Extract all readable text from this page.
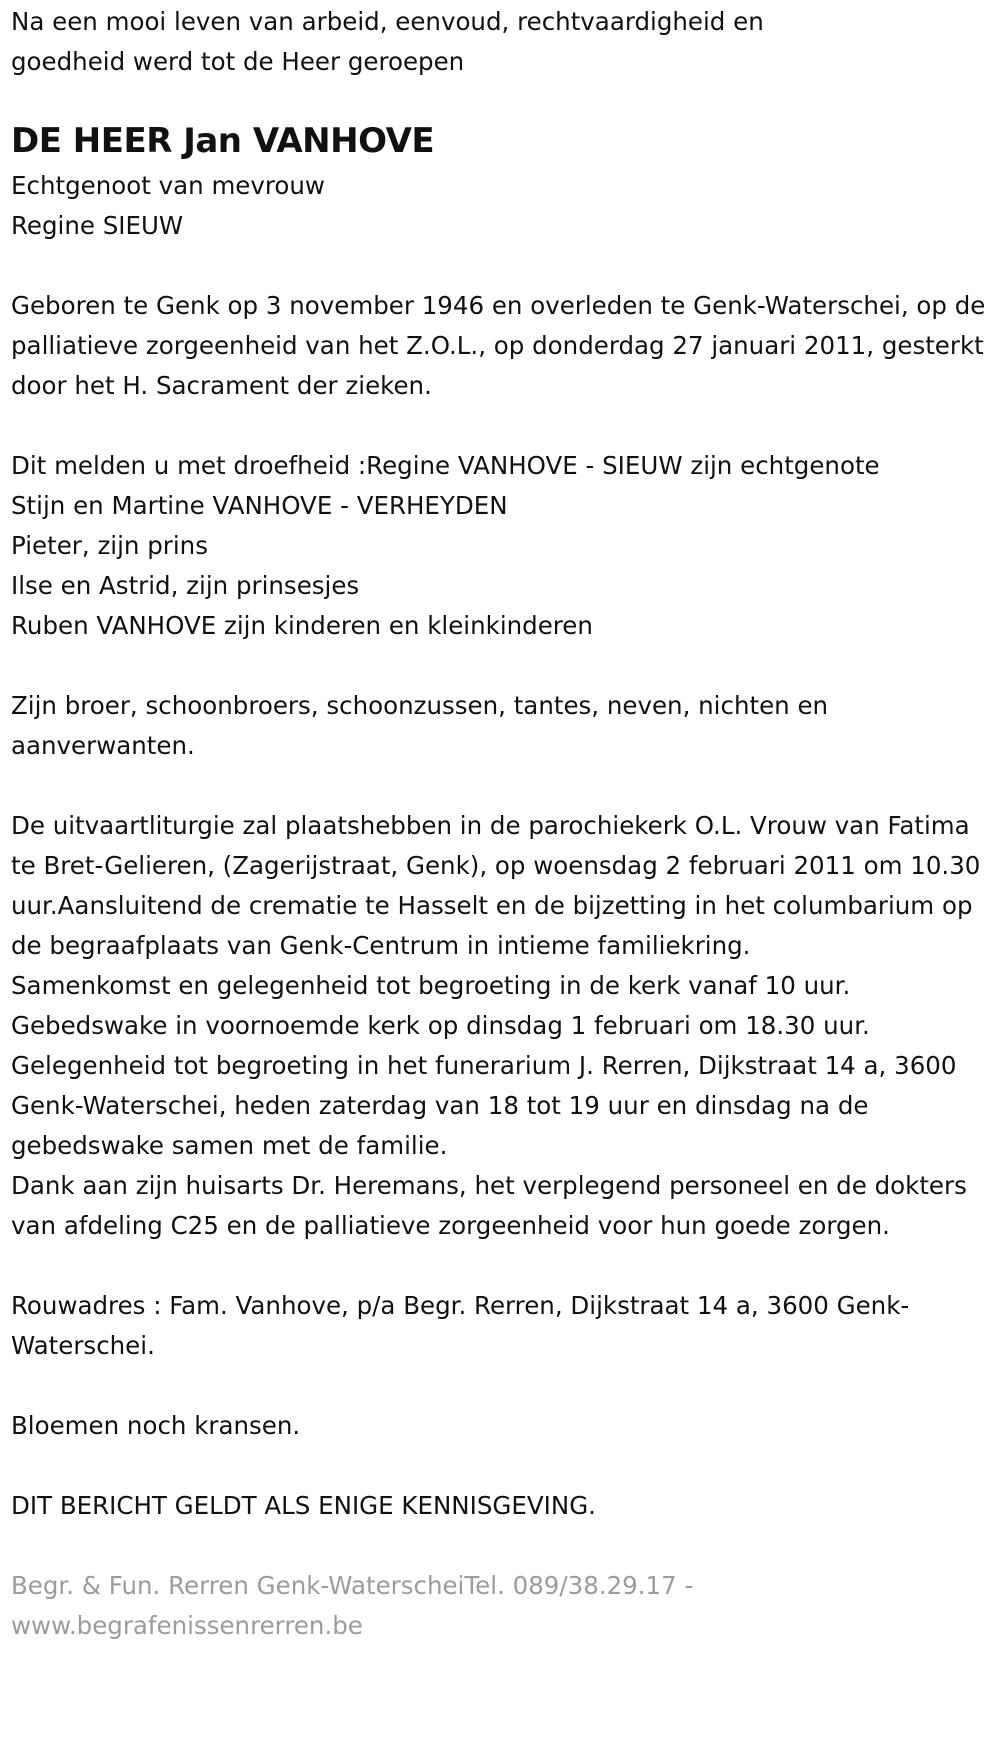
Na een mooi leven van arbeid, eenvoud, rechtvaardigheid en goedheid werd tot de Heer geroepen

DE HEER Jan VANHOVE

Echtgenoot van mevrouw

Regine SIEUW

Geboren te Genk op 3 november 1946 en overleden te Genk-Waterschei, op de palliatieve zorgeenheid van het Z.O.L., op donderdag 27 januari 2011, gesterkt door het H. Sacrament der zieken.

Dit melden u met droefheid :Regine VANHOVE - SIEUW zijn echtgenote
Stijn en Martine VANHOVE - VERHEYDEN
Pieter, zijn prins
Ilse en Astrid, zijn prinsesjes
Ruben VANHOVE zijn kinderen en kleinkinderen

Zijn broer, schoonbroers, schoonzussen, tantes, neven, nichten en aanverwanten.

De uitvaartliturgie zal plaatshebben in de parochiekerk O.L. Vrouw van Fatima te Bret-Gelieren, (Zagerijstraat, Genk), op woensdag 2 februari 2011 om 10.30 uur.Aansluitend de crematie te Hasselt en de bijzetting in het columbarium op de begraafplaats van Genk-Centrum in intieme familiekring.

Samenkomst en gelegenheid tot begroeting in de kerk vanaf 10 uur.

Gebedswake in voornoemde kerk op dinsdag 1 februari om 18.30 uur.

Gelegenheid tot begroeting in het funerarium J. Rerren, Dijkstraat 14 a, 3600 Genk-Waterschei, heden zaterdag van 18 tot 19 uur en dinsdag na de gebedswake samen met de familie.

Dank aan zijn huisarts Dr. Heremans, het verplegend personeel en de dokters van afdeling C25 en de palliatieve zorgeenheid voor hun goede zorgen.

Rouwadres : Fam. Vanhove, p/a Begr. Rerren, Dijkstraat 14 a, 3600 Genk-Waterschei.

Bloemen noch kransen.

DIT BERICHT GELDT ALS ENIGE KENNISGEVING.

Begr. & Fun. Rerren Genk-WaterscheiTel. 089/38.29.17 - www.begrafenissenrerren.be
